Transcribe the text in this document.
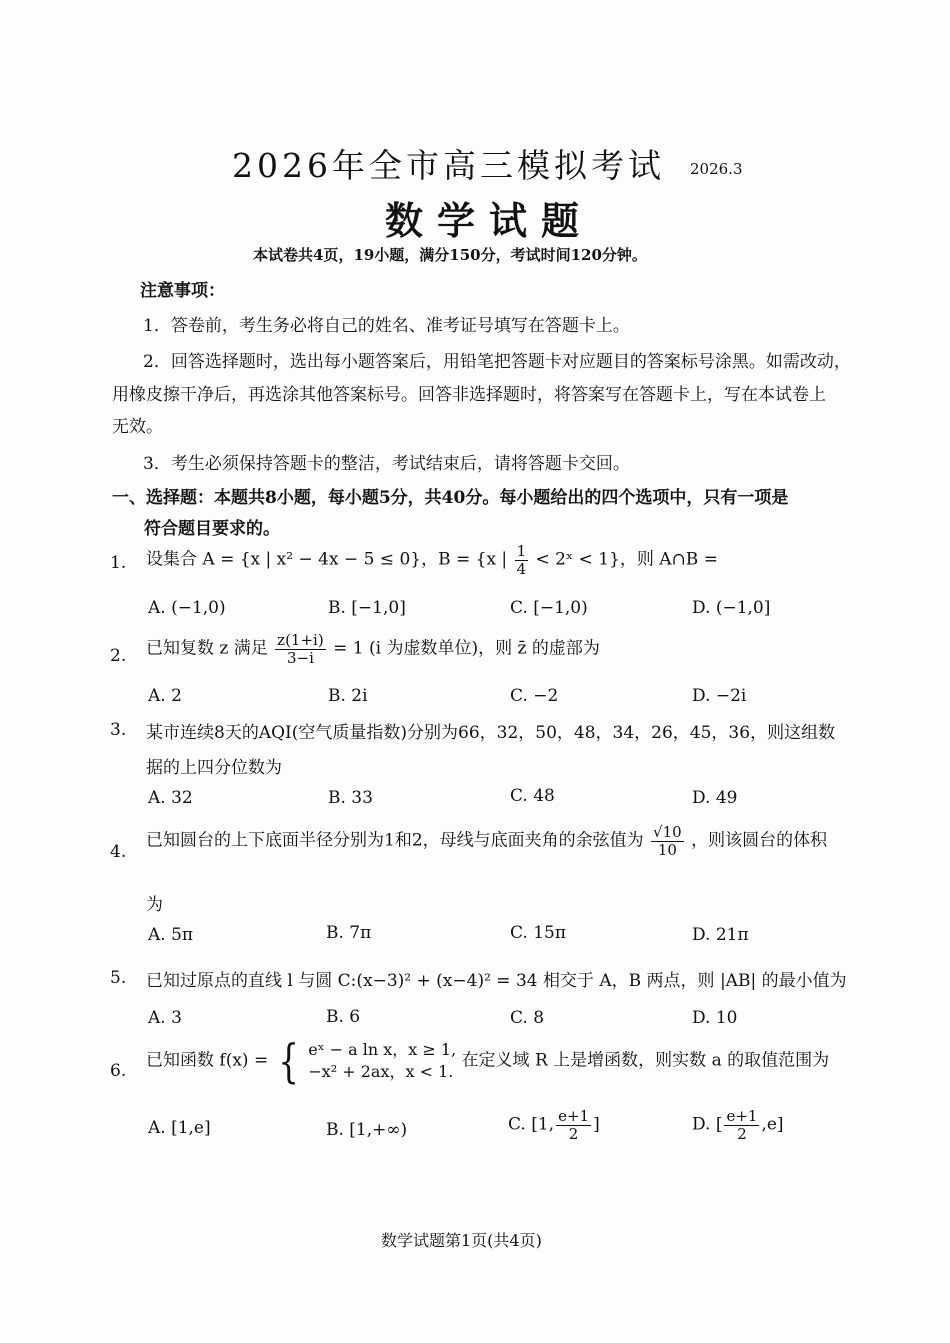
2026年全市高三模拟考试 2026.3
数学试题
本试卷共4页，19小题，满分150分，考试时间120分钟。
注意事项：
1．答卷前，考生务必将自己的姓名、准考证号填写在答题卡上。
2．回答选择题时，选出每小题答案后，用铅笔把答题卡对应题目的答案标号涂黑。如需改动，
用橡皮擦干净后，再选涂其他答案标号。回答非选择题时，将答案写在答题卡上，写在本试卷上
无效。
3．考生必须保持答题卡的整洁，考试结束后，请将答题卡交回。
一、选择题：本题共8小题，每小题5分，共40分。每小题给出的四个选项中，只有一项是
符合题目要求的。
1. 设集合 A = {x | x² − 4x − 5 ≤ 0}，B = {x | $\frac{1}{4}$ < 2ˣ < 1}，则 A∩B =
A. (−1,0)	B. [−1,0]	C. [−1,0)	D. (−1,0]
2. 已知复数 z 满足 $\frac{z(1+i)}{3-i} = 1$ (i 为虚数单位)，则 z̄ 的虚部为
A. 2	B. 2i	C. −2	D. −2i
3. 某市连续8天的AQI(空气质量指数)分别为66，32，50，48，34，26，45，36，则这组数
据的上四分位数为
A. 32	B. 33	C. 48	D. 49
4.
已知圆台的上下底面半径分别为1和2，母线与底面夹角的余弦值为 $\frac{√10}{10}$ ，则该圆台的体积
为
A. 5π	B. 7π	C. 15π	D. 21π
5. 已知过原点的直线 l 与圆 C:(x−3)² + (x−4)² = 34 相交于 A，B 两点，则 |AB| 的最小值为
A. 3	B. 6	C. 8	D. 10
6.
已知函数 f(x) = { eˣ − a ln x，x ≥ 1,
−x² + 2ax，x < 1.
在定义域 R 上是增函数，则实数 a 的取值范围为
A. [1,e]	B. [1,+∞)	C. [1, $\frac{e+1}{2}$ ]	D. [ $\frac{e+1}{2} ,e$]
数学试题第1页(共4页)
